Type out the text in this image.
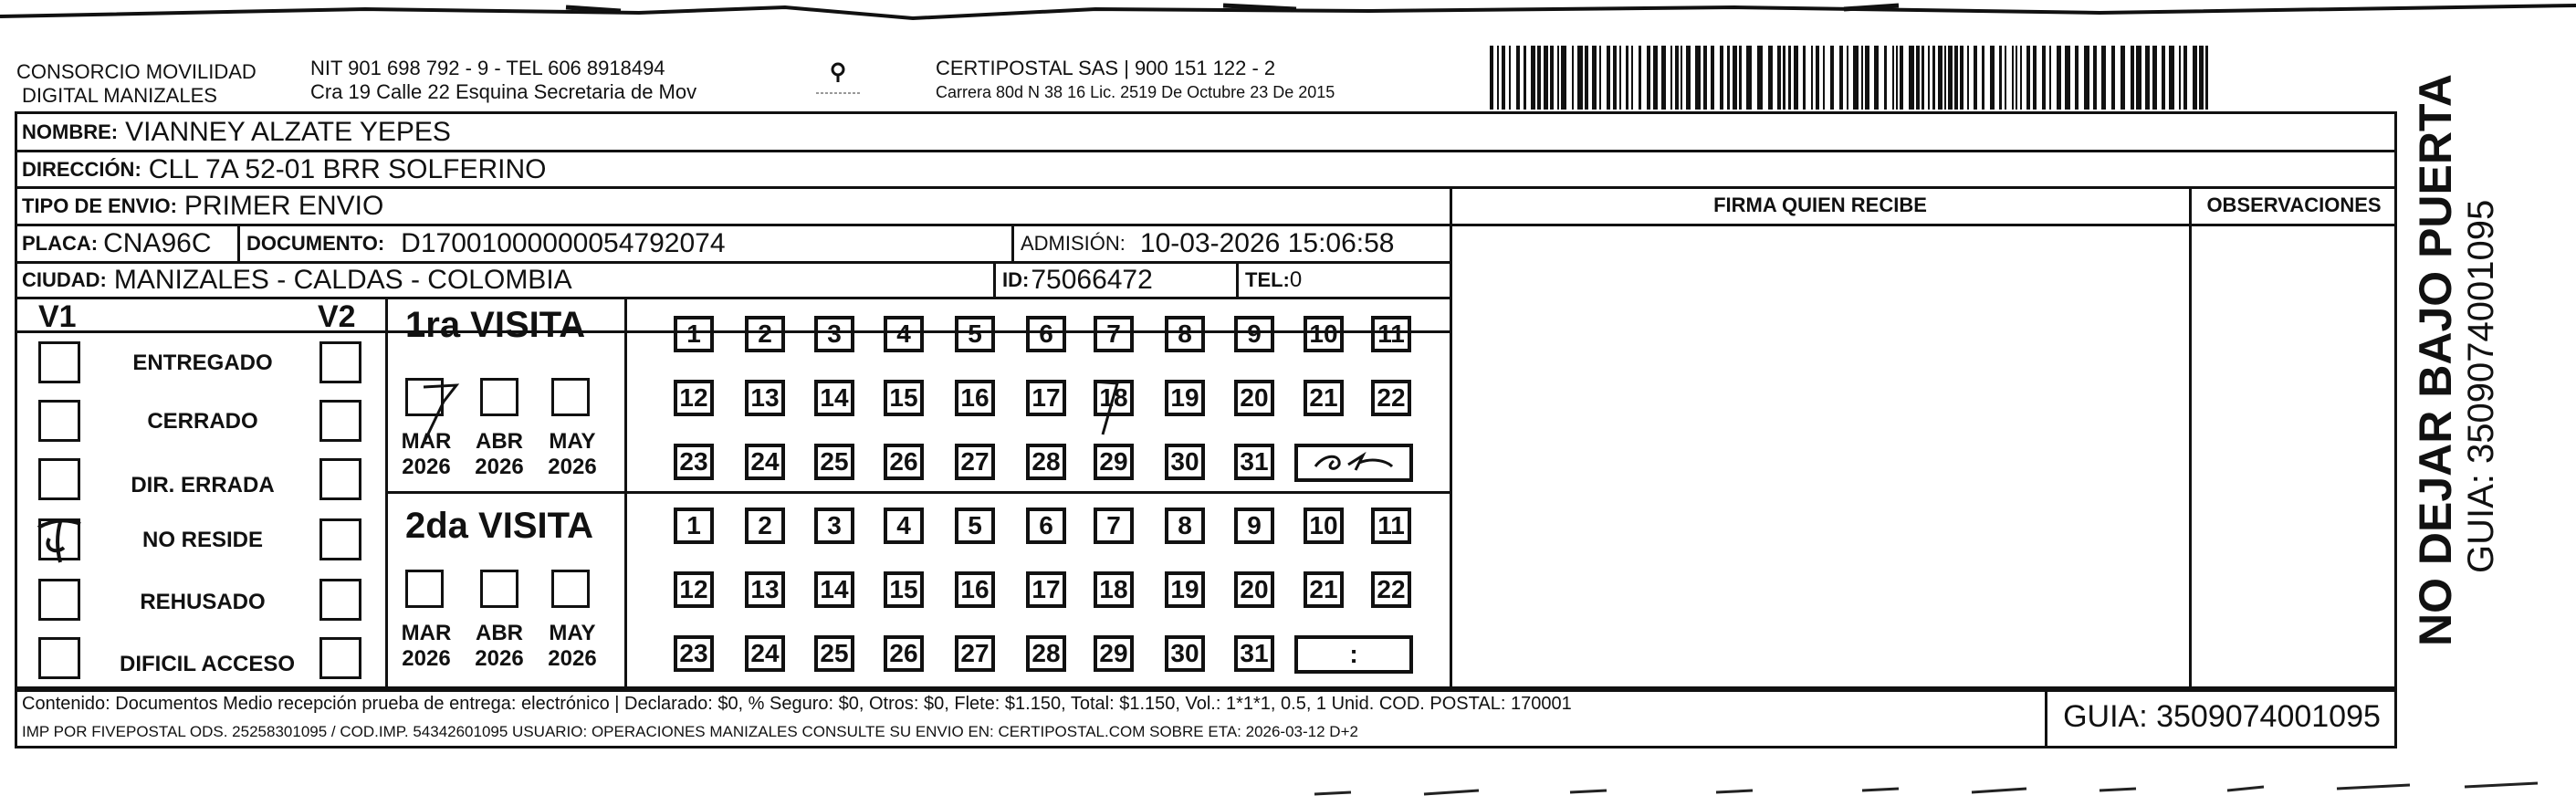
CONSORCIO MOVILIDAD
DIGITAL MANIZALES
NIT 901 698 792 - 9 - TEL 606 8918494
Cra 19 Calle 22 Esquina Secretaria de Mov
CERTIPOSTAL SAS | 900 151 122 - 2
Carrera 80d N 38 16 Lic. 2519 De Octubre 23 De 2015
NOMBRE: VIANNEY ALZATE YEPES
DIRECCIÓN: CLL 7A 52-01 BRR SOLFERINO
TIPO DE ENVIO: PRIMER ENVIO	FIRMA QUIEN RECIBE	OBSERVACIONES
PLACA: CNA96C DOCUMENTO: D17001000000054792074	ADMISIÓN: 10-03-2026 15:06:58
CIUDAD: MANIZALES - CALDAS - COLOMBIA	ID: 75066472	TEL: 0
V1	V2
ENTREGADO
CERRADO
DIR. ERRADA
NO RESIDE
REHUSADO
DIFICIL ACCESO
1ra VISITA
MAR
2026
ABR
2026
MAY
2026
1	2	3	4	5	6	7	8	9	10 11
12 13 14 15 16 17 18 19 20 21 22
23 24 25 26 27 28 29 30 31
2da VISITA
MAR
2026
ABR
2026
MAY
2026
1	2	3	4	5	6	7	8	9	10 11
12 13 14 15 16 17 18 19 20 21 22
23 24 25 26 27 28 29 30 31	:
Contenido: Documentos Medio recepción prueba de entrega: electrónico | Declarado: $0, % Seguro: $0, Otros: $0, Flete: $1.150, Total: $1.150, Vol.: 1*1*1, 0.5, 1 Unid. COD. POSTAL: 170001
IMP POR FIVEPOSTAL ODS. 25258301095 / COD.IMP. 54342601095 USUARIO: OPERACIONES MANIZALES CONSULTE SU ENVIO EN: CERTIPOSTAL.COM SOBRE ETA: 2026-03-12 D+2	GUIA: 3509074001095
NO DEJAR BAJO PUERTA GUIA: 3509074001095
